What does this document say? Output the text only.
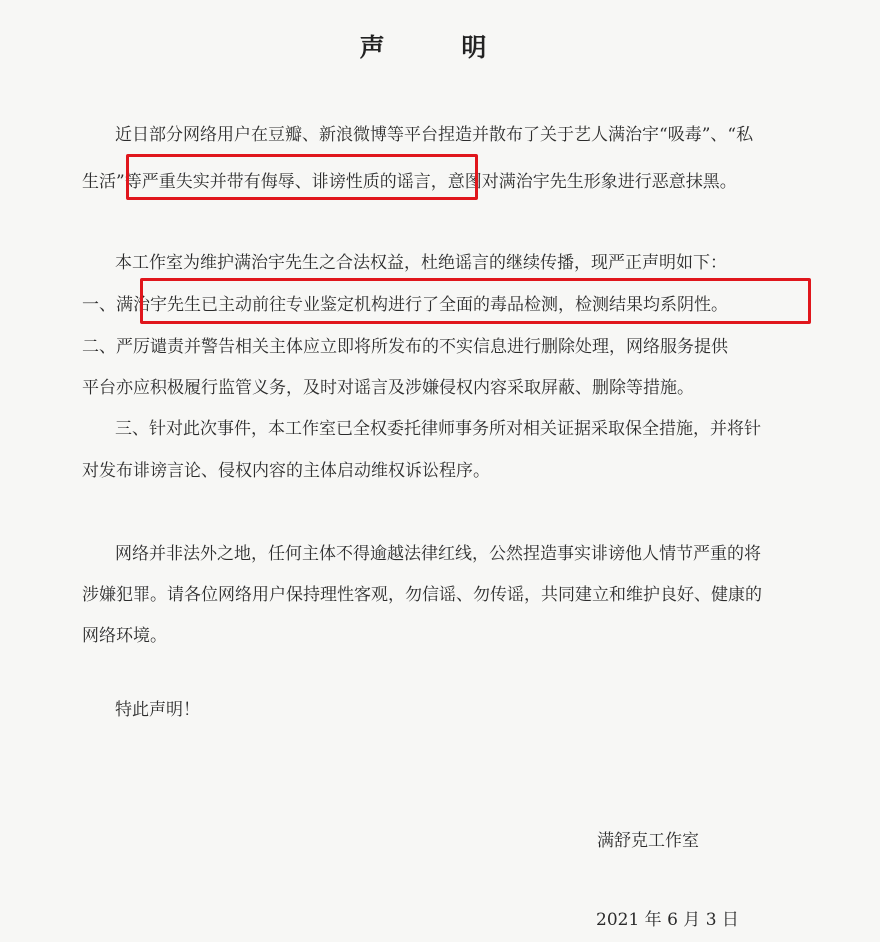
声 明
近日部分网络用户在豆瓣、新浪微博等平台捏造并散布了关于艺人满治宇“吸毒”、“私
生活”等严重失实并带有侮辱、诽谤性质的谣言，意图对满治宇先生形象进行恶意抹黑。
本工作室为维护满治宇先生之合法权益，杜绝谣言的继续传播，现严正声明如下：
一、满治宇先生已主动前往专业鉴定机构进行了全面的毒品检测，检测结果均系阴性。
二、严厉谴责并警告相关主体应立即将所发布的不实信息进行删除处理，网络服务提供
平台亦应积极履行监管义务，及时对谣言及涉嫌侵权内容采取屏蔽、删除等措施。
三、针对此次事件，本工作室已全权委托律师事务所对相关证据采取保全措施，并将针
对发布诽谤言论、侵权内容的主体启动维权诉讼程序。
网络并非法外之地，任何主体不得逾越法律红线，公然捏造事实诽谤他人情节严重的将
涉嫌犯罪。请各位网络用户保持理性客观，勿信谣、勿传谣，共同建立和维护良好、健康的
网络环境。
特此声明！
满舒克工作室
2021 年 6 月 3 日
